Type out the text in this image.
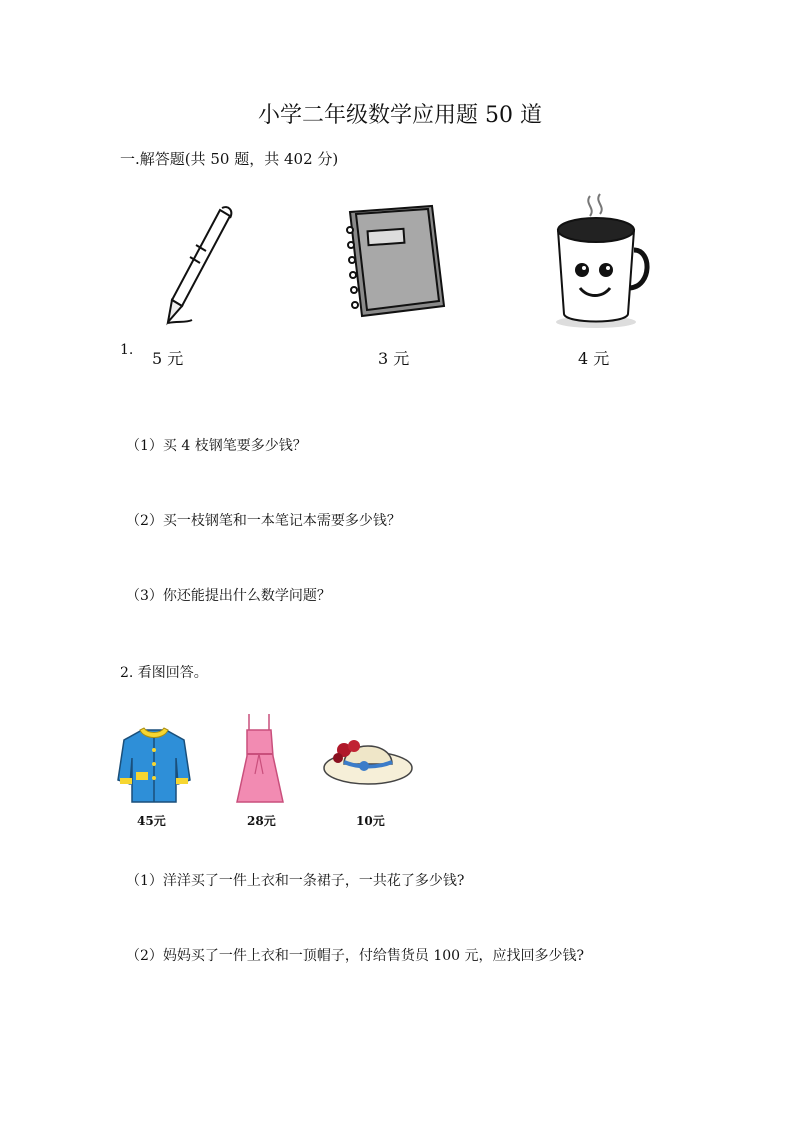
小学二年级数学应用题 50 道
一.解答题(共 50 题，共 402 分)
1. 5 元	3 元	4 元
（1）买 4 枝钢笔要多少钱？
（2）买一枝钢笔和一本笔记本需要多少钱？
（3）你还能提出什么数学问题？
2. 看图回答。
45元	28元	10元
（1）洋洋买了一件上衣和一条裙子，一共花了多少钱?
（2）妈妈买了一件上衣和一顶帽子，付给售货员 100 元，应找回多少钱?
